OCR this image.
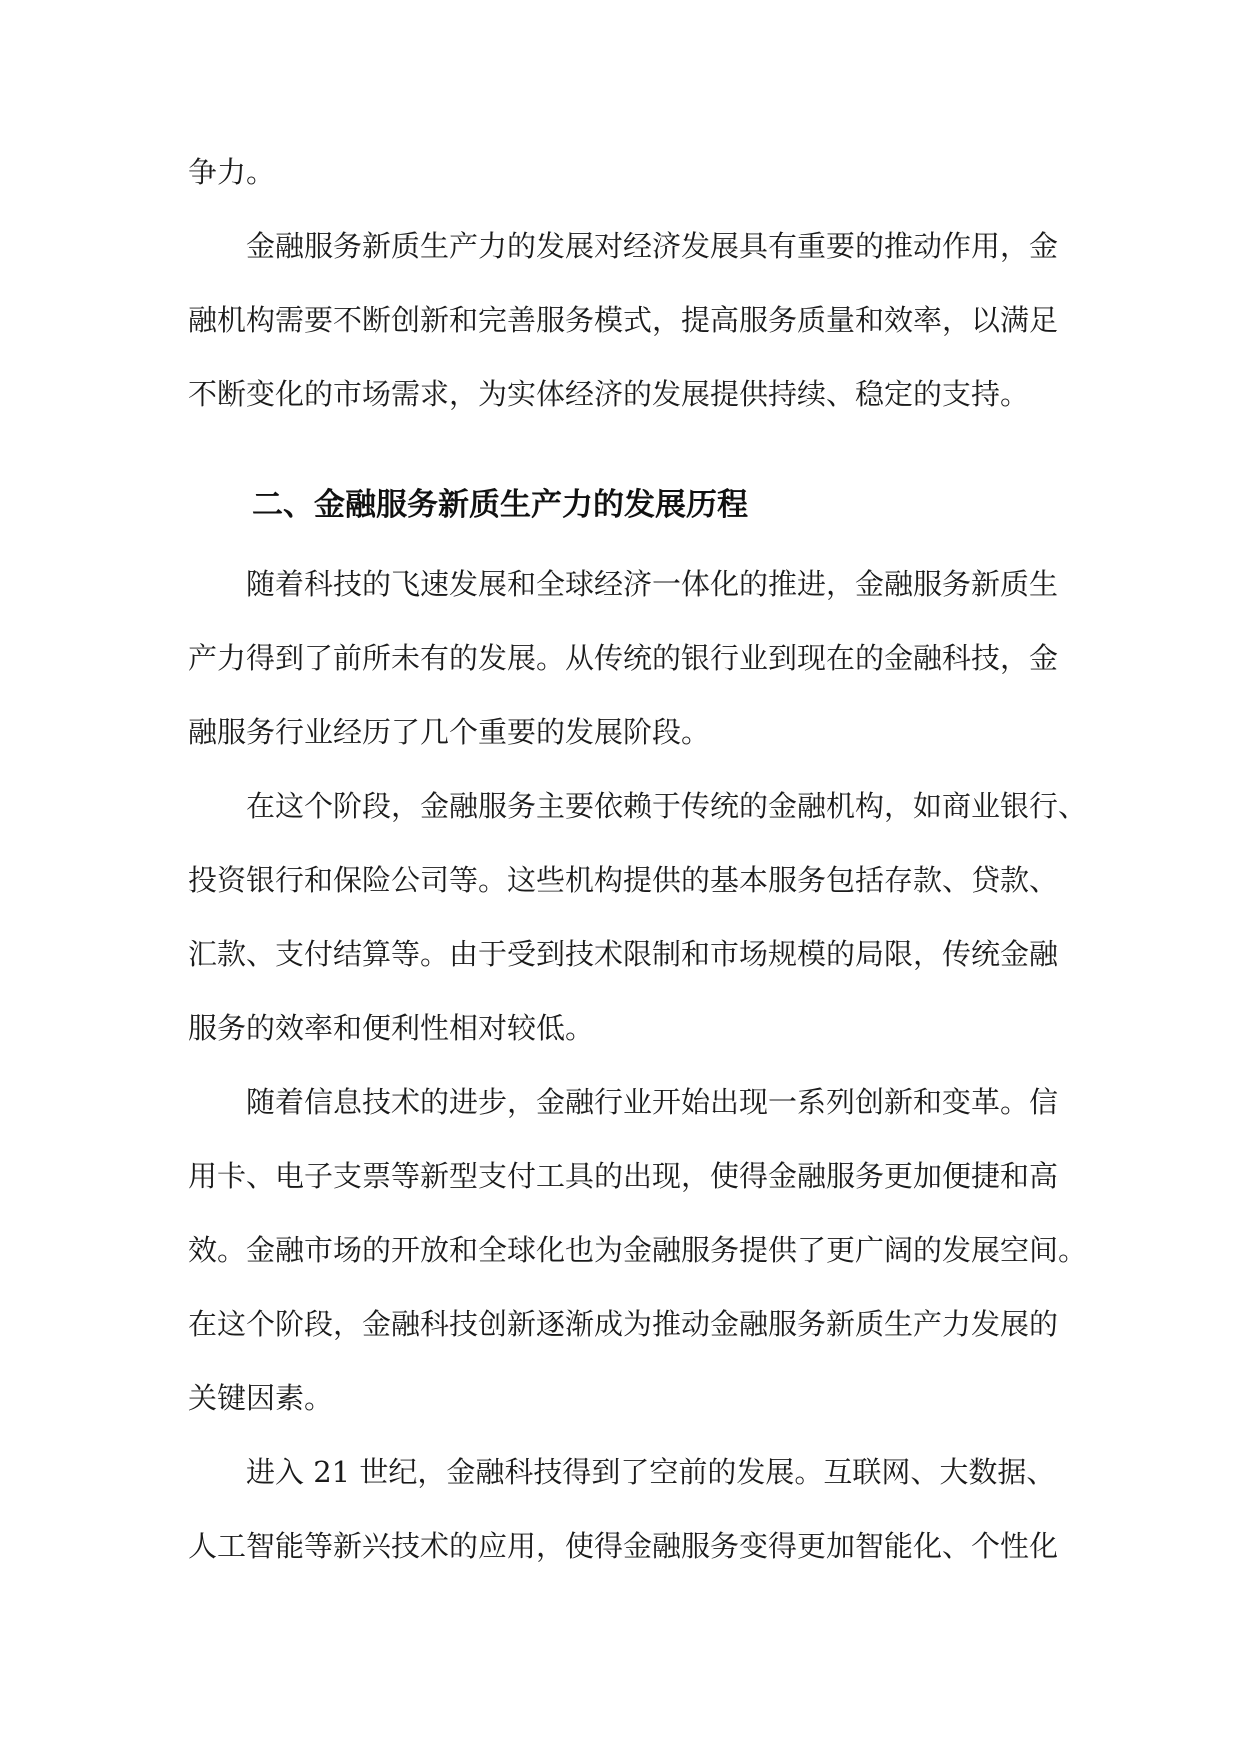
争力。
金融服务新质生产力的发展对经济发展具有重要的推动作用，金
融机构需要不断创新和完善服务模式，提高服务质量和效率，以满足
不断变化的市场需求，为实体经济的发展提供持续、稳定的支持。
二、金融服务新质生产力的发展历程
随着科技的飞速发展和全球经济一体化的推进，金融服务新质生
产力得到了前所未有的发展。从传统的银行业到现在的金融科技，金
融服务行业经历了几个重要的发展阶段。
在这个阶段，金融服务主要依赖于传统的金融机构，如商业银行、
投资银行和保险公司等。这些机构提供的基本服务包括存款、贷款、
汇款、支付结算等。由于受到技术限制和市场规模的局限，传统金融
服务的效率和便利性相对较低。
随着信息技术的进步，金融行业开始出现一系列创新和变革。信
用卡、电子支票等新型支付工具的出现，使得金融服务更加便捷和高
效。金融市场的开放和全球化也为金融服务提供了更广阔的发展空间。
在这个阶段，金融科技创新逐渐成为推动金融服务新质生产力发展的
关键因素。
进入 21 世纪，金融科技得到了空前的发展。互联网、大数据、
人工智能等新兴技术的应用，使得金融服务变得更加智能化、个性化
